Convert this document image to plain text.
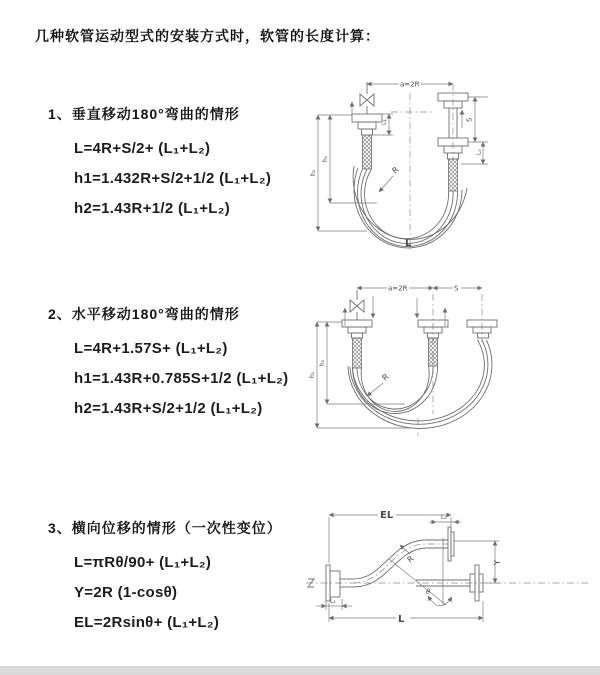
几种软管运动型式的安装方式时，软管的长度计算：
1、垂直移动180°弯曲的情形
L=4R+S/2+ (L₁+L₂)
h1=1.432R+S/2+1/2 (L₁+L₂)
h2=1.43R+1/2 (L₁+L₂)
2、水平移动180°弯曲的情形
L=4R+1.57S+ (L₁+L₂)
h1=1.43R+0.785S+1/2 (L₁+L₂)
h2=1.43R+S/2+1/2 (L₁+L₂)
3、横向位移的情形（一次性变位）
L=πRθ/90+ (L₁+L₂)
Y=2R (1-cosθ)
EL=2Rsinθ+ (L₁+L₂)
a=2R
S
L₂
L₁
h₂
h₁
R
L
a=2R	S
h₂
h₁
R
EL	L₂
Y
θ
R
L₁
L
